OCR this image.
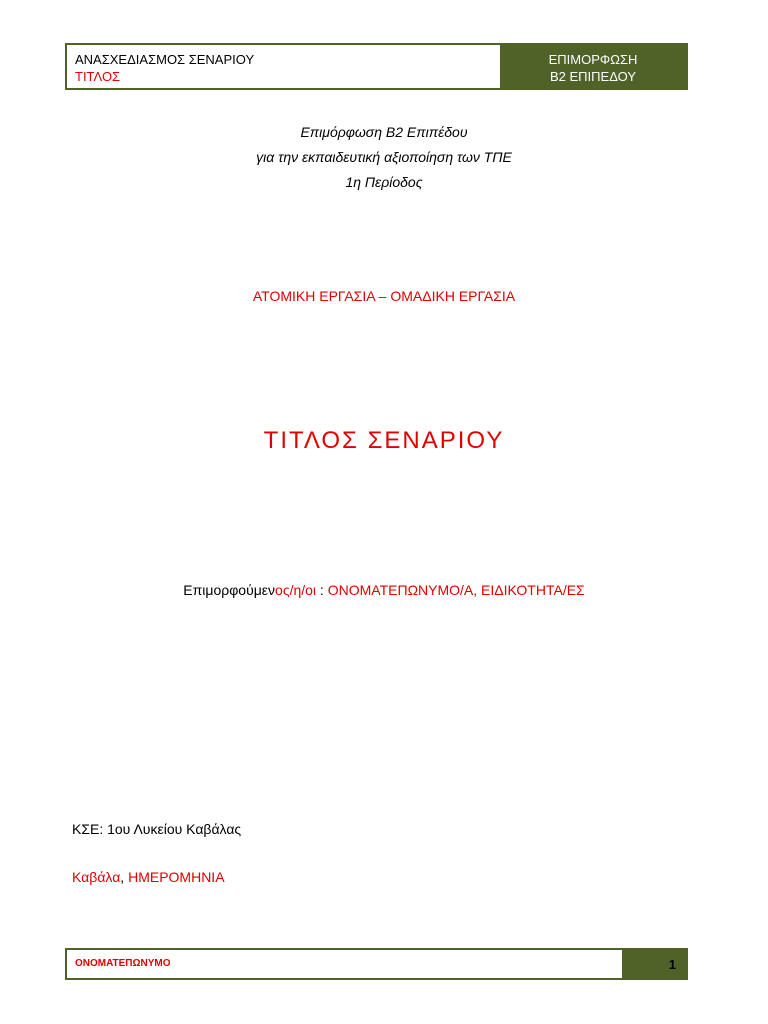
ΑΝΑΣΧΕΔΙΑΣΜΟΣ ΣΕΝΑΡΙΟΥ
ΤΙΤΛΟΣ
ΕΠΙΜΟΡΦΩΣΗ
Β2 ΕΠΙΠΕΔΟΥ
Επιμόρφωση Β2 Επιπέδου
για την εκπαιδευτική αξιοποίηση των ΤΠΕ
1η Περίοδος
ΑΤΟΜΙΚΗ ΕΡΓΑΣΙΑ – ΟΜΑΔΙΚΗ ΕΡΓΑΣΙΑ
ΤΙΤΛΟΣ ΣΕΝΑΡΙΟΥ
Επιμορφούμενος/η/οι : ΟΝΟΜΑΤΕΠΩΝΥΜΟ/Α, ΕΙΔΙΚΟΤΗΤΑ/ΕΣ
ΚΣΕ: 1ου Λυκείου Καβάλας
Καβάλα, ΗΜΕΡΟΜΗΝΙΑ
ΟΝΟΜΑΤΕΠΩΝΥΜΟ	1
